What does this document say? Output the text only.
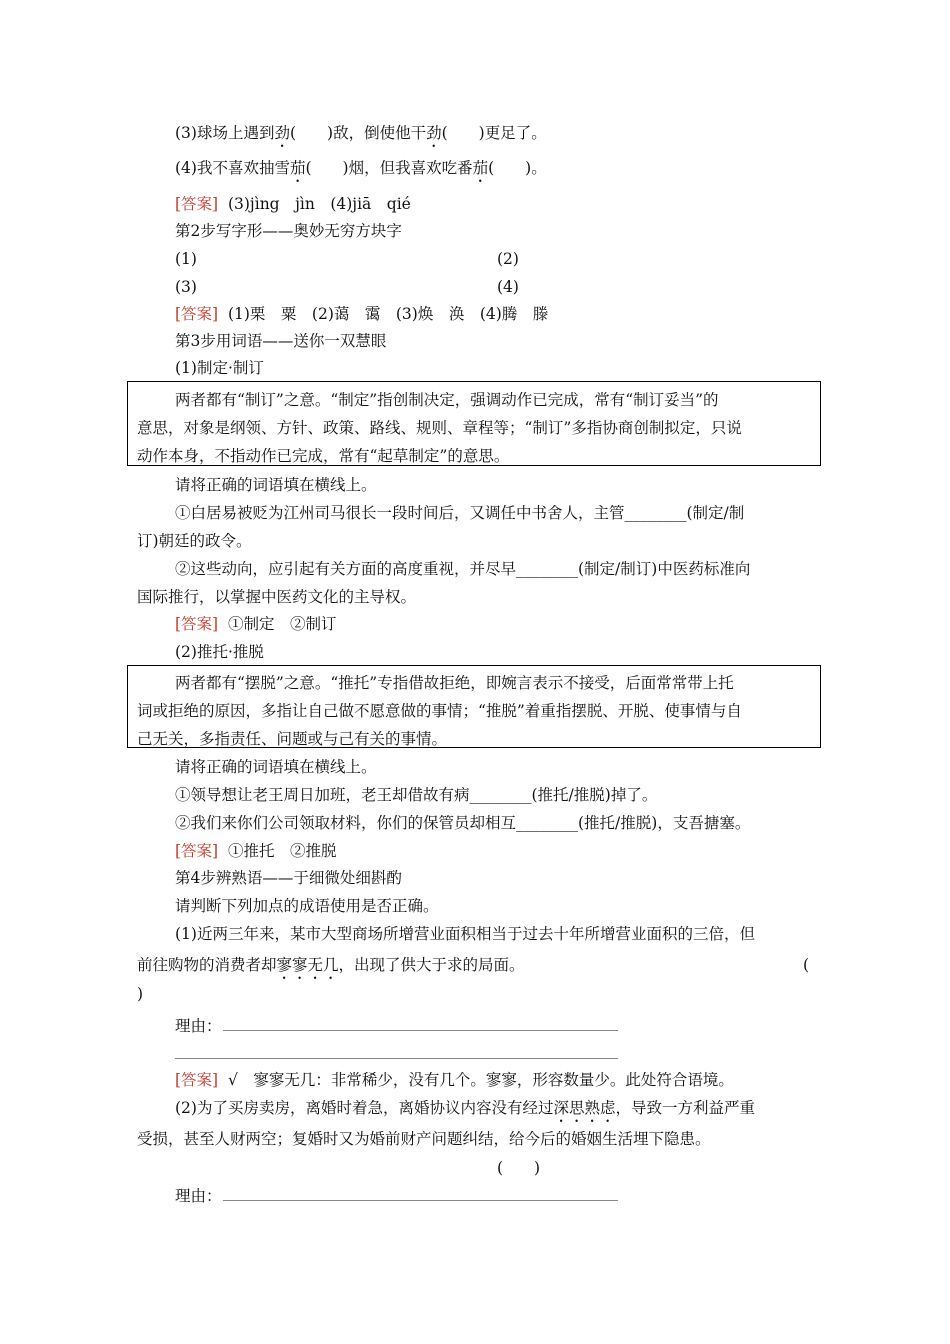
(3)球场上遇到劲(　　)敌，倒使他干劲(　　)更足了。
(4)我不喜欢抽雪茄(　　)烟，但我喜欢吃番茄(　　)。
[答案] (3)jìng　jìn　(4)jiā　qié
第2步写字形——奥妙无穷方块字
(1)	(2)
(3)	(4)
[答案] (1)栗　粟　(2)蔼　霭　(3)焕　涣　(4)腾　滕
第3步用词语——送你一双慧眼
(1)制定·制订
两者都有“制订”之意。“制定”指创制决定，强调动作已完成，常有“制订妥当”的
意思，对象是纲领、方针、政策、路线、规则、章程等；“制订”多指协商创制拟定，只说
动作本身，不指动作已完成，常有“起草制定”的意思。
请将正确的词语填在横线上。
①白居易被贬为江州司马很长一段时间后，又调任中书舍人，主管________(制定/制
订)朝廷的政令。
②这些动向，应引起有关方面的高度重视，并尽早________(制定/制订)中医药标准向
国际推行，以掌握中医药文化的主导权。
[答案] ①制定　②制订
(2)推托·推脱
两者都有“摆脱”之意。“推托”专指借故拒绝，即婉言表示不接受，后面常常带上托
词或拒绝的原因，多指让自己做不愿意做的事情；“推脱”着重指摆脱、开脱、使事情与自
己无关，多指责任、问题或与己有关的事情。
请将正确的词语填在横线上。
①领导想让老王周日加班，老王却借故有病________(推托/推脱)掉了。
②我们来你们公司领取材料，你们的保管员却相互________(推托/推脱)，支吾搪塞。
[答案] ①推托　②推脱
第4步辨熟语——于细微处细斟酌
请判断下列加点的成语使用是否正确。
(1)近两三年来，某市大型商场所增营业面积相当于过去十年所增营业面积的三倍，但
前往购物的消费者却寥寥无几，出现了供大于求的局面。	(
)
理由：
[答案] √　寥寥无几：非常稀少，没有几个。寥寥，形容数量少。此处符合语境。
(2)为了买房卖房，离婚时着急，离婚协议内容没有经过深思熟虑，导致一方利益严重
受损，甚至人财两空；复婚时又为婚前财产问题纠结，给今后的婚姻生活埋下隐患。
(　　)
理由：
